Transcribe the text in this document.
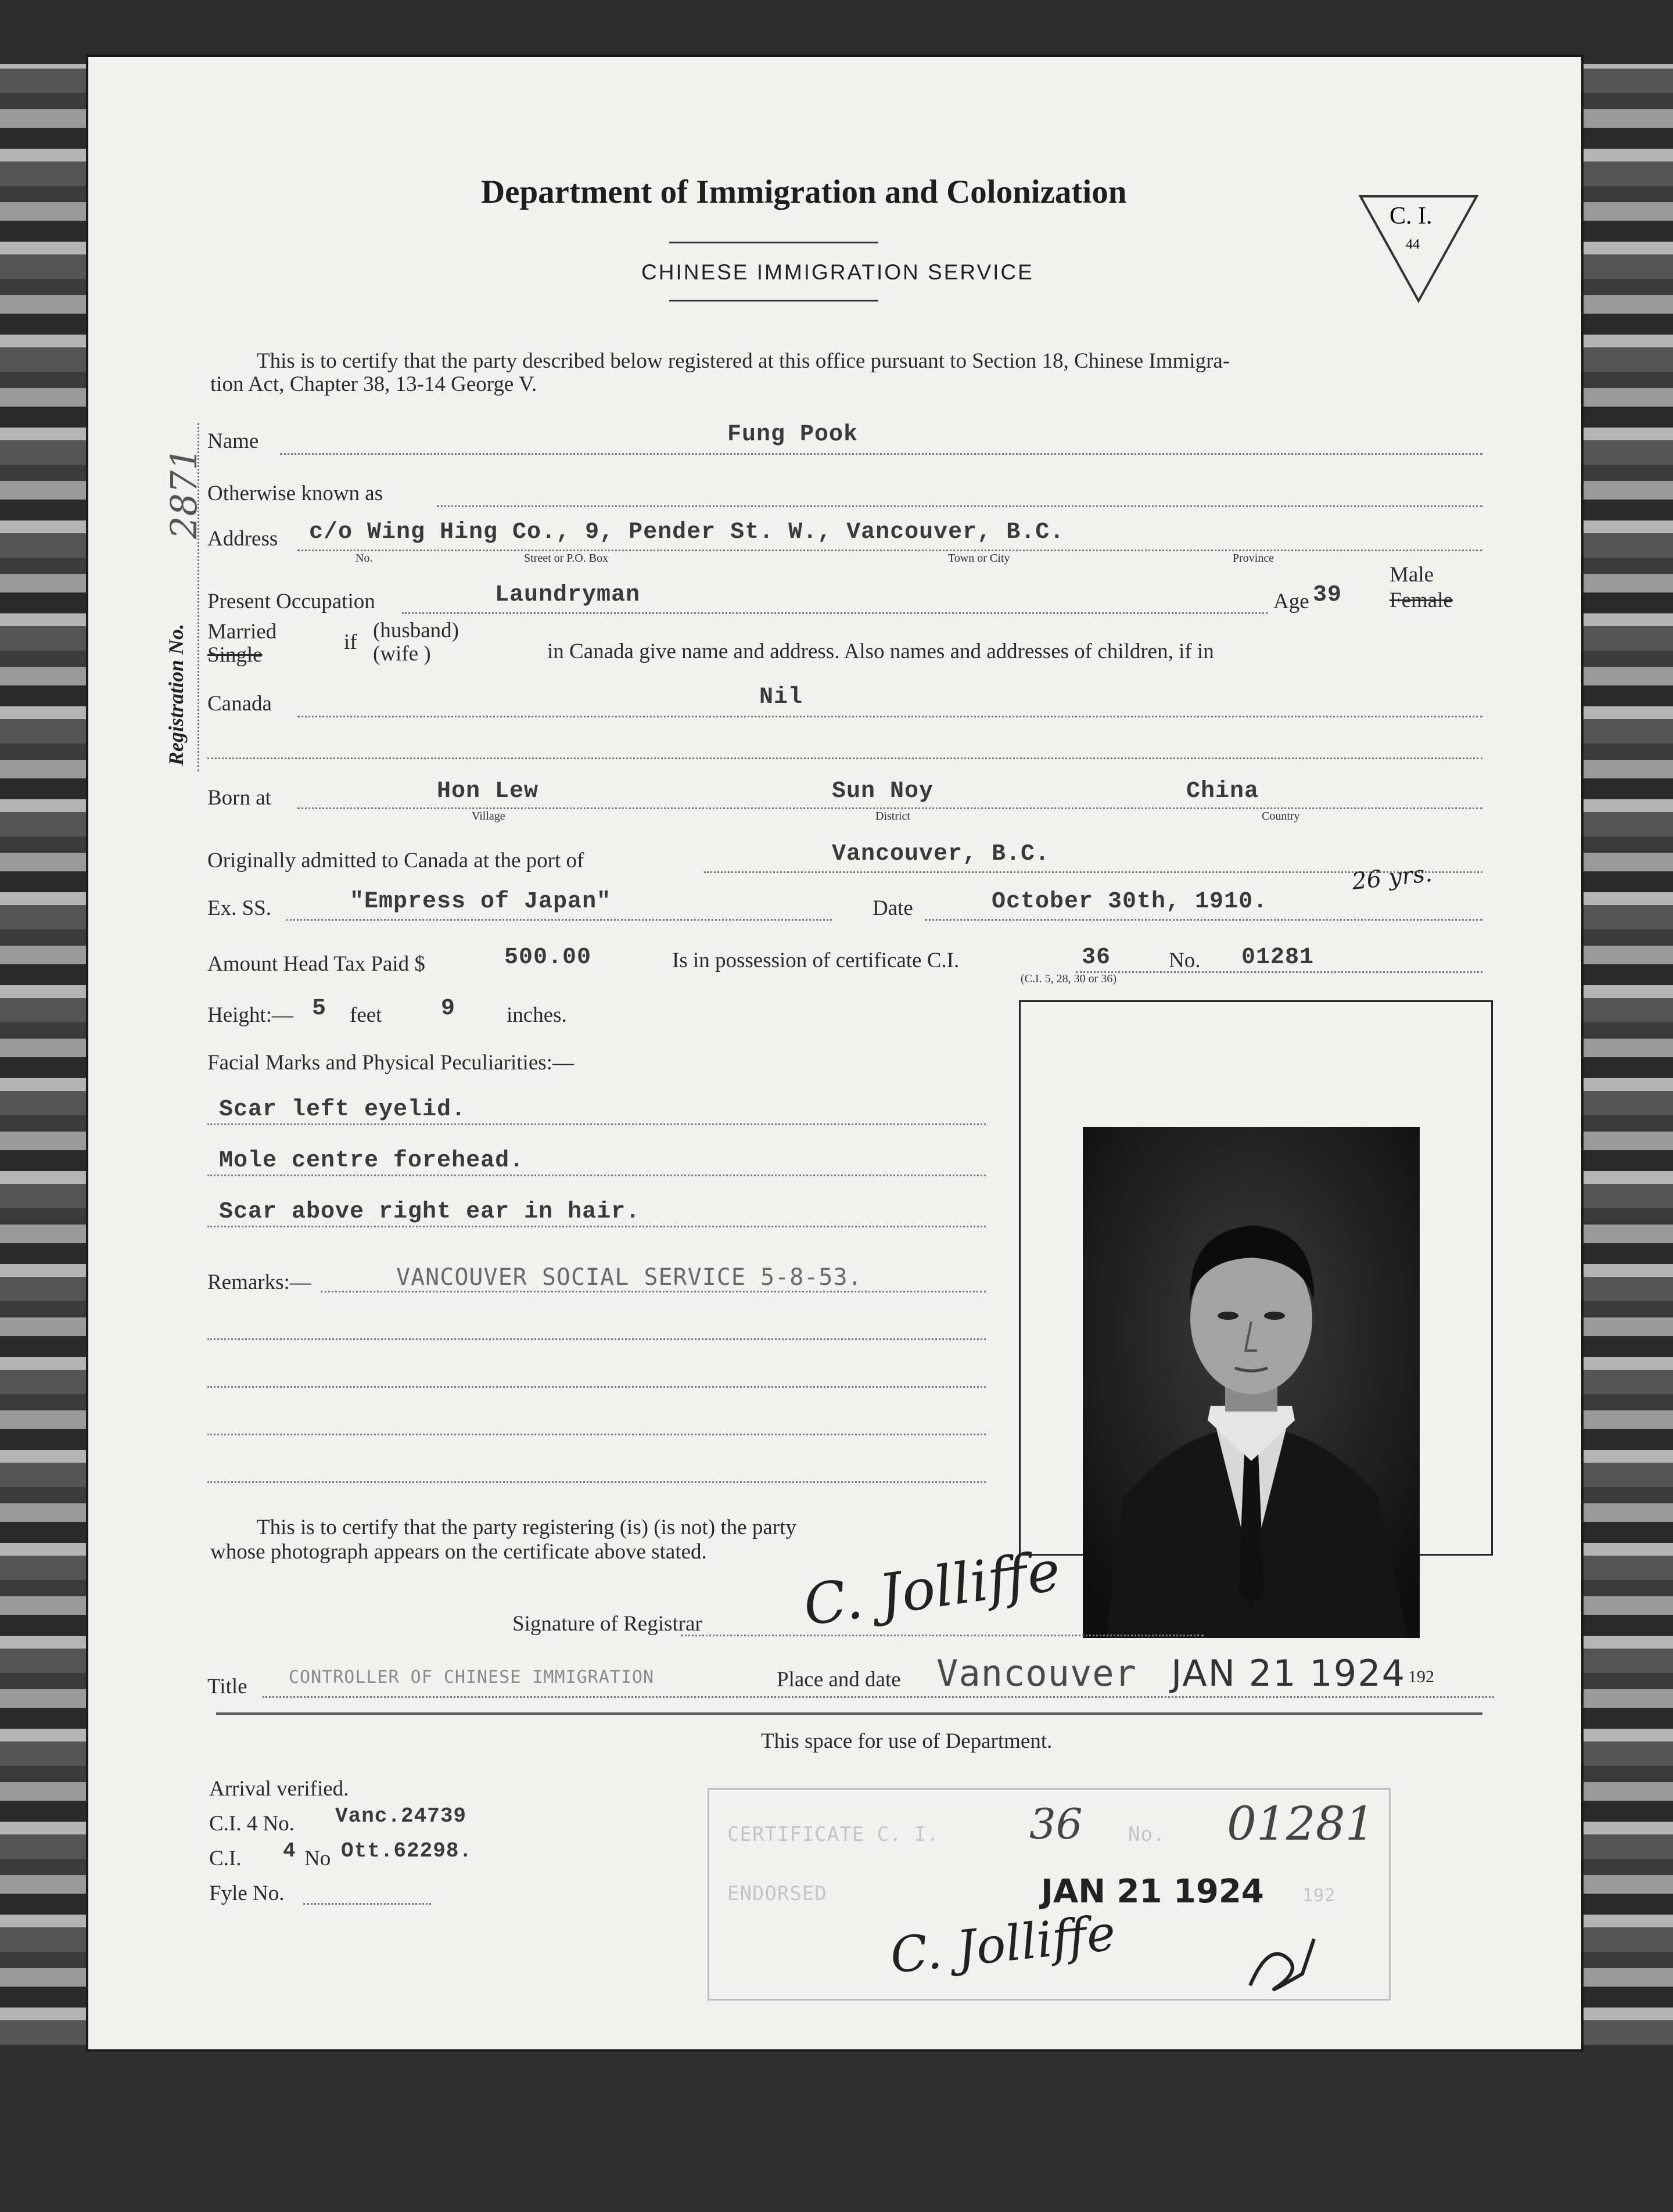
Department of Immigration and Colonization
CHINESE IMMIGRATION SERVICE
C. I.
44
Registration No.
2871
This is to certify that the party described below registered at this office pursuant to Section 18, Chinese Immigra-
tion Act, Chapter 38, 13-14 George V.
Name	Fung Pook
Otherwise known as
Address c/o Wing Hing Co., 9, Pender St. W., Vancouver, B.C.
No.	Street or P.O. Box	Town or City	Province
Present Occupation	Laundryman	Age 39
Male
Female
Married
Single
if (husband)
(wife )	in Canada give name and address. Also names and addresses of children, if in
Canada	Nil
Born at	Hon Lew	Sun Noy	China
Village	District	Country
Originally admitted to Canada at the port of	Vancouver, B.C.
Ex. SS.	"Empress of Japan"	Date	October 30th, 1910.
26 yrs.
Amount Head Tax Paid $	500.00	Is in possession of certificate C.I.	36
(C.I. 5, 28, 30 or 36)
No. 01281
Height:— 5 feet	9 inches.
Facial Marks and Physical Peculiarities:—
Scar left eyelid.
Mole centre forehead.
Scar above right ear in hair.
Remarks:—	VANCOUVER SOCIAL SERVICE 5-8-53.
This is to certify that the party registering (is) (is not) the party
whose photograph appears on the certificate above stated.
Signature of Registrar C. Jolliffe
Title CONTROLLER OF CHINESE IMMIGRATION	Place and date Vancouver JAN 21 1924 192
This space for use of Department.
Arrival verified.
C.I. 4 No. Vanc.24739
C.I. 4 No Ott.62298.
Fyle No.
CERTIFICATE C. I. 36 No. 01281
ENDORSED	JAN 21 1924 192
C. Jolliffe
